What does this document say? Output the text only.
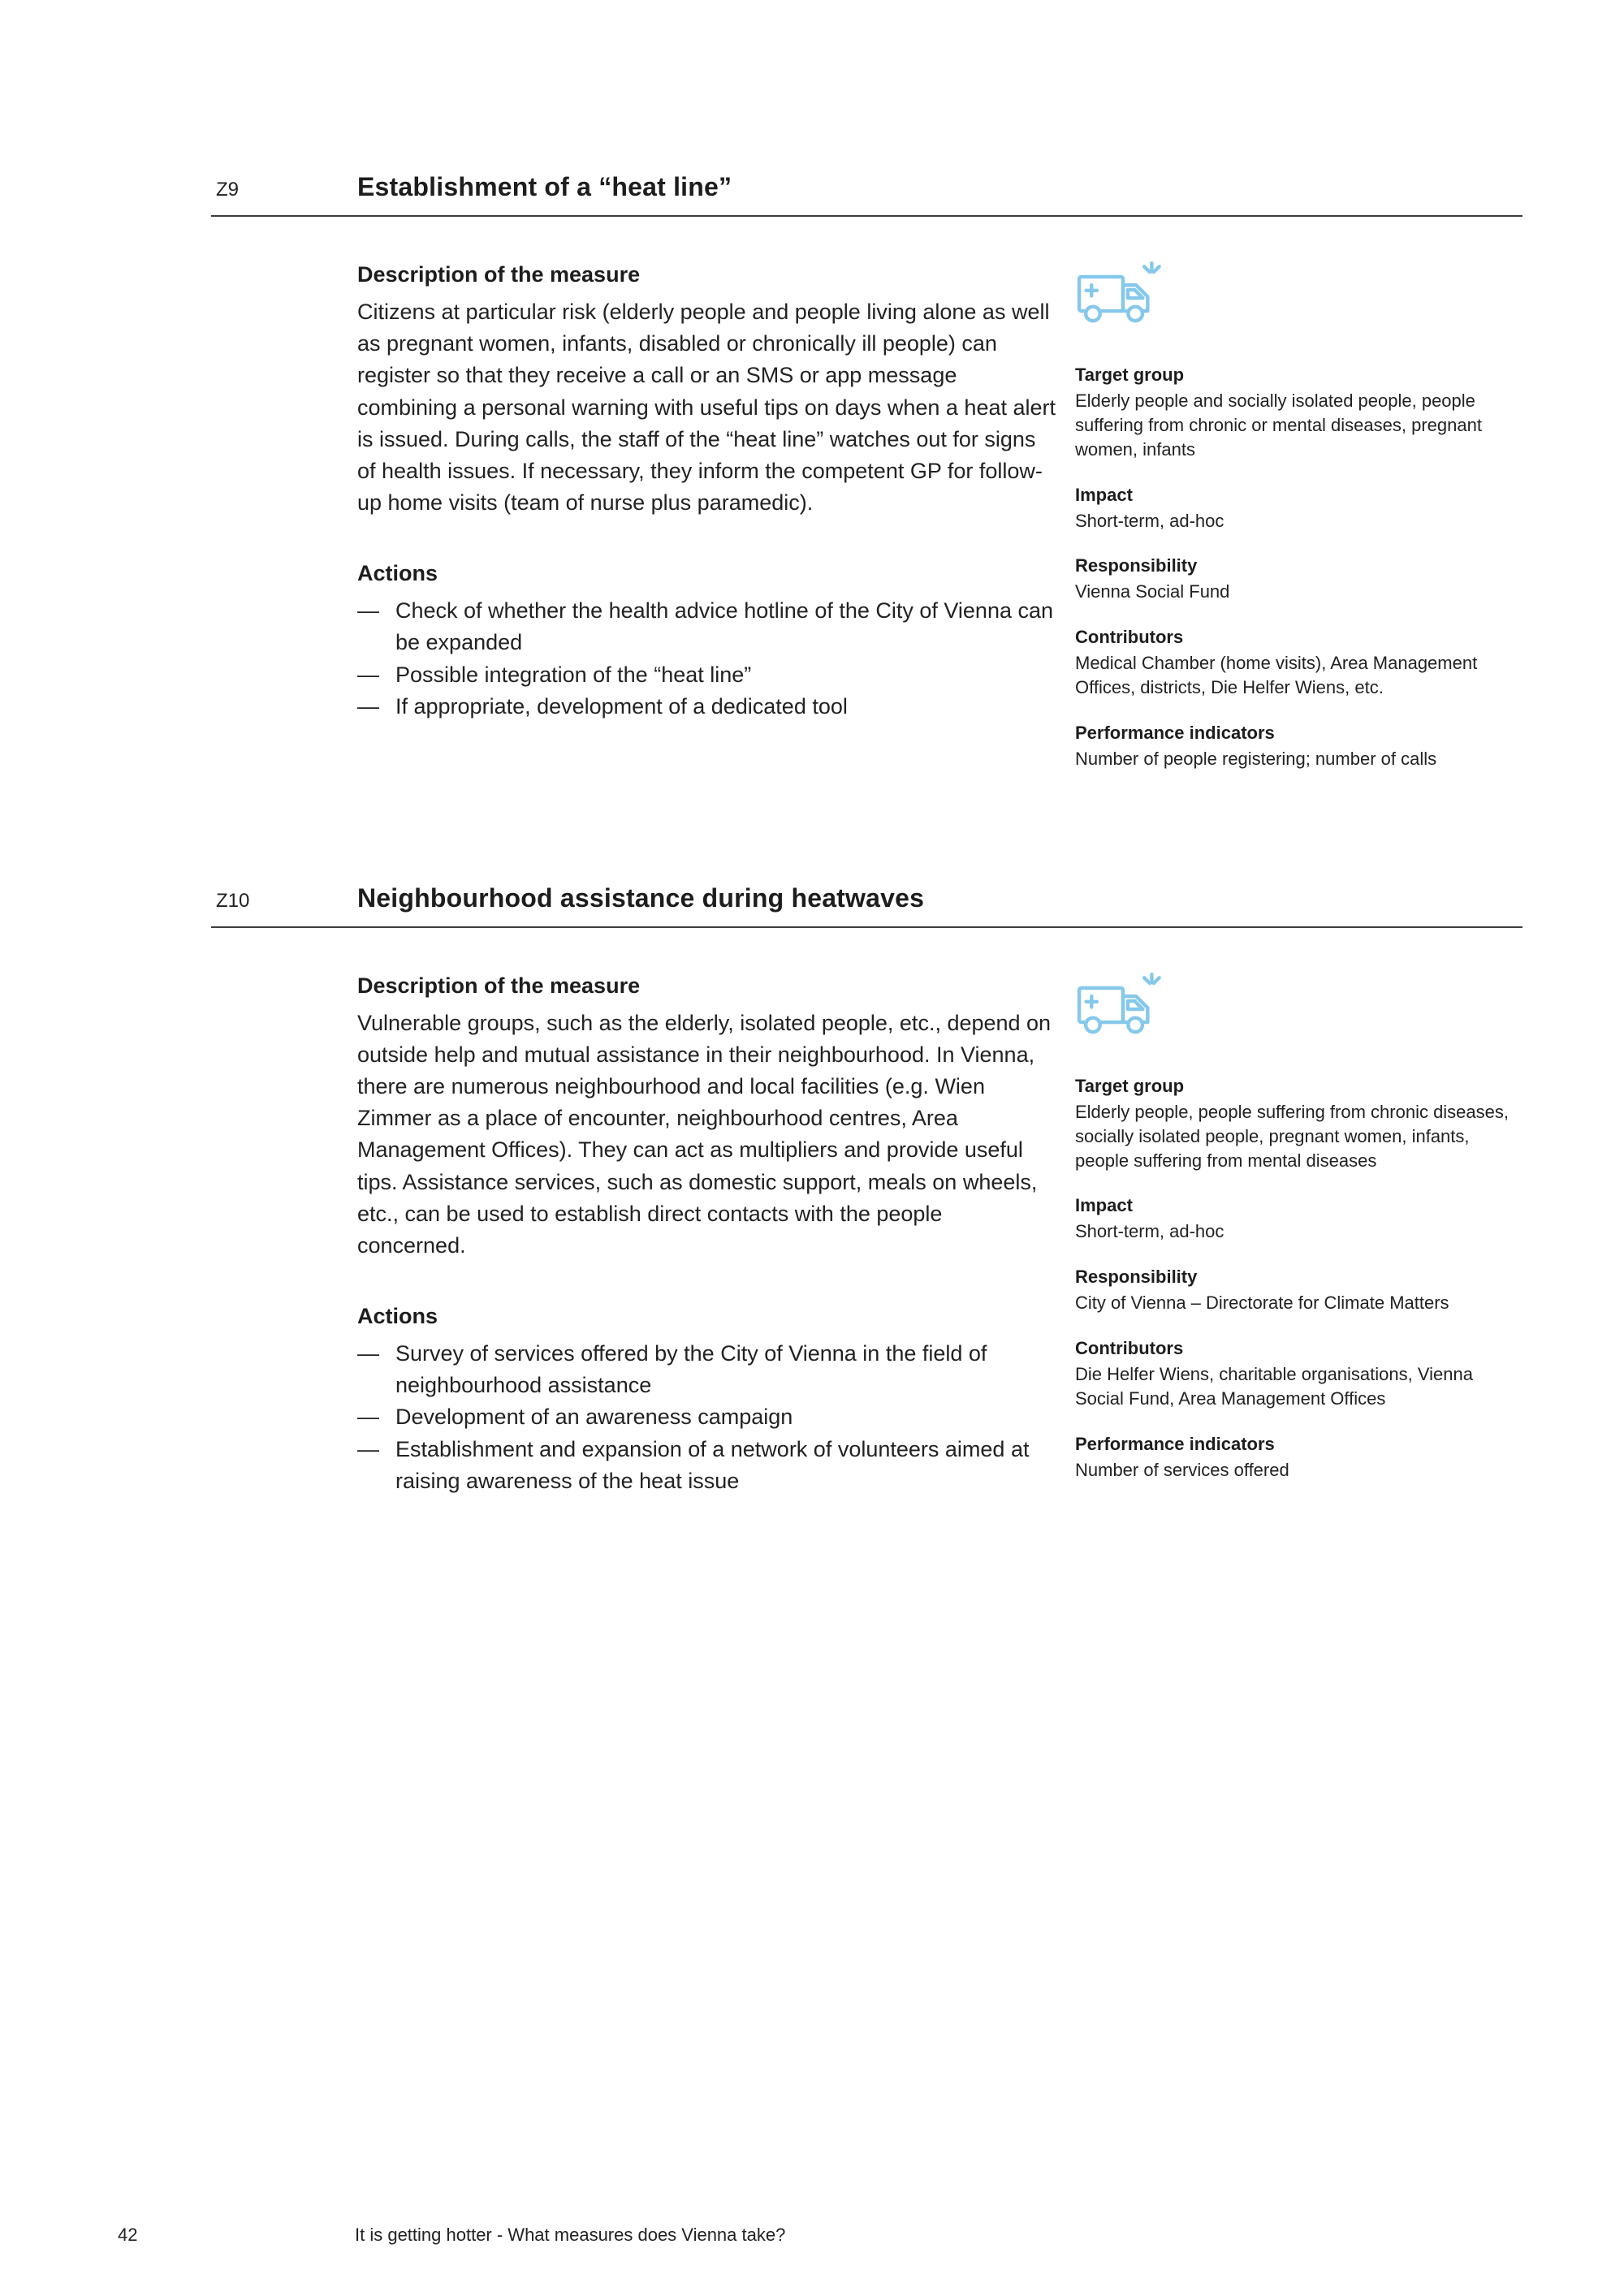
Z9	Establishment of a “heat line”
Description of the measure

Citizens at particular risk (elderly people and people living alone as well as pregnant women, infants, disabled or chronically ill people) can register so that they receive a call or an SMS or app message combining a personal warning with useful tips on days when a heat alert is issued. During calls, the staff of the “heat line” watches out for signs of health issues. If necessary, they inform the competent GP for follow-up home visits (team of nurse plus paramedic).

Actions
— Check of whether the health advice hotline of the City of Vienna can be expanded
— Possible integration of the “heat line”
— If appropriate, development of a dedicated tool
Target group
Elderly people and socially isolated people, people suffering from chronic or mental diseases, pregnant women, infants
Impact
Short-term, ad-hoc
Responsibility
Vienna Social Fund
Contributors
Medical Chamber (home visits), Area Management Offices, districts, Die Helfer Wiens, etc.
Performance indicators
Number of people registering; number of calls
Z10	Neighbourhood assistance during heatwaves
Description of the measure

Vulnerable groups, such as the elderly, isolated people, etc., depend on outside help and mutual assistance in their neighbourhood. In Vienna, there are numerous neighbourhood and local facilities (e.g. Wien Zimmer as a place of encounter, neighbourhood centres, Area Management Offices). They can act as multipliers and provide useful tips. Assistance services, such as domestic support, meals on wheels, etc., can be used to establish direct contacts with the people concerned.

Actions
— Survey of services offered by the City of Vienna in the field of neighbourhood assistance
— Development of an awareness campaign
— Establishment and expansion of a network of volunteers aimed at raising awareness of the heat issue
Target group
Elderly people, people suffering from chronic diseases, socially isolated people, pregnant women, infants, people suffering from mental diseases
Impact
Short-term, ad-hoc
Responsibility
City of Vienna – Directorate for Climate Matters
Contributors
Die Helfer Wiens, charitable organisations, Vienna Social Fund, Area Management Offices
Performance indicators
Number of services offered
42	It is getting hotter - What measures does Vienna take?
